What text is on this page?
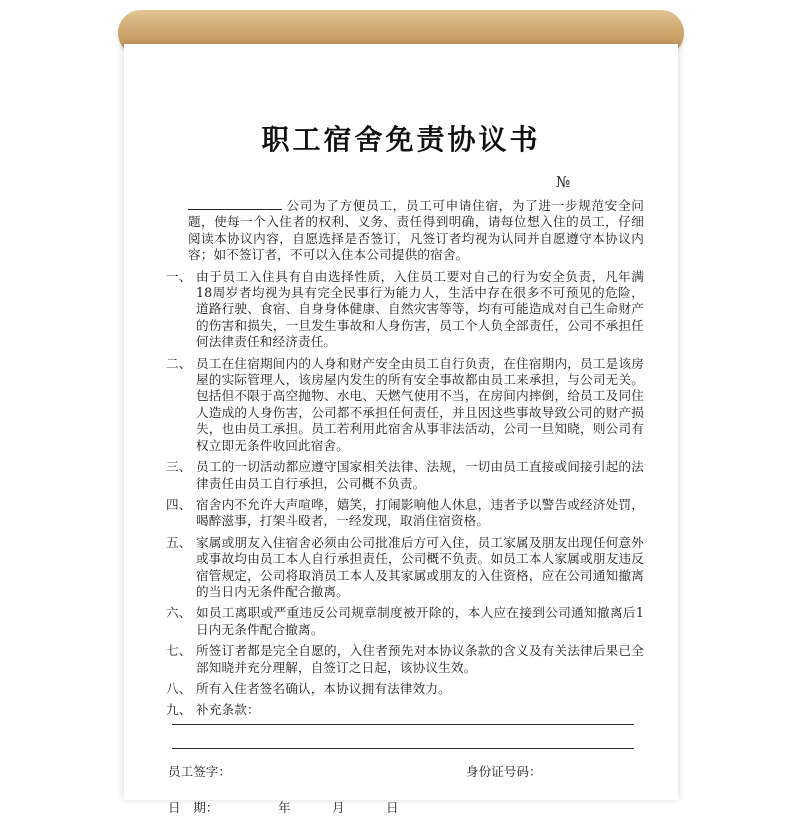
职工宿舍免责协议书
№
公司为了方便员工，员工可申请住宿，为了进一步规范安全问题，使每一个入住者的权利、义务、责任得到明确，请每位想入住的员工，仔细阅读本协议内容，自愿选择是否签订，凡签订者均视为认同并自愿遵守本协议内容；如不签订者，不可以入住本公司提供的宿舍。
一、 由于员工入住具有自由选择性质，入住员工要对自己的行为安全负责，凡年满18周岁者均视为具有完全民事行为能力人，生活中存在很多不可预见的危险，道路行驶、食宿、自身身体健康、自然灾害等等，均有可能造成对自己生命财产的伤害和损失，一旦发生事故和人身伤害，员工个人负全部责任，公司不承担任何法律责任和经济责任。
二、 员工在住宿期间内的人身和财产安全由员工自行负责，在住宿期内，员工是该房屋的实际管理人，该房屋内发生的所有安全事故都由员工来承担，与公司无关。包括但不限于高空抛物、水电、天燃气使用不当，在房间内摔倒，给员工及同住人造成的人身伤害，公司都不承担任何责任，并且因这些事故导致公司的财产损失，也由员工承担。员工若利用此宿舍从事非法活动，公司一旦知晓，则公司有权立即无条件收回此宿舍。
三、 员工的一切活动都应遵守国家相关法律、法规，一切由员工直接或间接引起的法律责任由员工自行承担，公司概不负责。
四、 宿舍内不允许大声喧哗，嬉笑，打闹影响他人休息，违者予以警告或经济处罚，喝醉滋事，打架斗殴者，一经发现，取消住宿资格。
五、 家属或朋友入住宿舍必须由公司批准后方可入住，员工家属及朋友出现任何意外或事故均由员工本人自行承担责任，公司概不负责。如员工本人家属或朋友违反宿管规定，公司将取消员工本人及其家属或朋友的入住资格，应在公司通知撤离的当日内无条件配合撤离。
六、 如员工离职或严重违反公司规章制度被开除的，本人应在接到公司通知撤离后1日内无条件配合撤离。
七、 所签订者都是完全自愿的，入住者预先对本协议条款的含义及有关法律后果已全部知晓并充分理解，自签订之日起，该协议生效。
八、 所有入住者签名确认，本协议拥有法律效力。
九、 补充条款：
员工签字：	身份证号码：
日　期：	年	月	日
